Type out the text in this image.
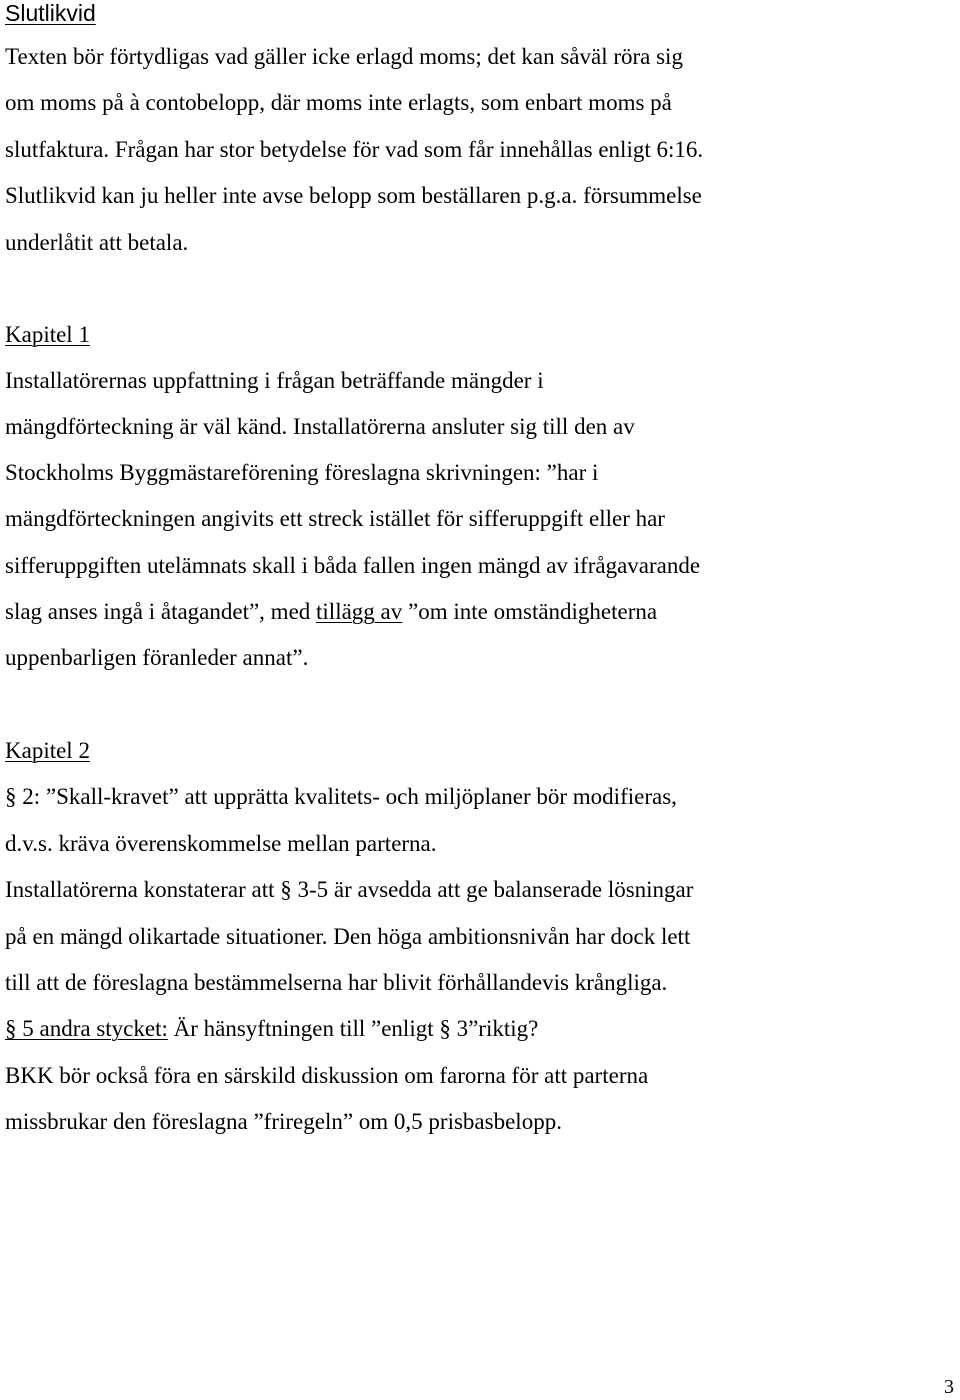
Slutlikvid
Texten bör förtydligas vad gäller icke erlagd moms; det kan såväl röra sig
om moms på à contobelopp, där moms inte erlagts, som enbart moms på
slutfaktura. Frågan har stor betydelse för vad som får innehållas enligt 6:16.
Slutlikvid kan ju heller inte avse belopp som beställaren p.g.a. försummelse
underlåtit att betala.
Kapitel 1
Installatörernas uppfattning i frågan beträffande mängder i
mängdförteckning är väl känd. Installatörerna ansluter sig till den av
Stockholms Byggmästareförening föreslagna skrivningen: ”har i
mängdförteckningen angivits ett streck istället för sifferuppgift eller har
sifferuppgiften utelämnats skall i båda fallen ingen mängd av ifrågavarande
slag anses ingå i åtagandet”, med tillägg av ”om inte omständigheterna
uppenbarligen föranleder annat”.
Kapitel 2
§ 2: ”Skall-kravet” att upprätta kvalitets- och miljöplaner bör modifieras,
d.v.s. kräva överenskommelse mellan parterna.
Installatörerna konstaterar att § 3-5 är avsedda att ge balanserade lösningar
på en mängd olikartade situationer. Den höga ambitionsnivån har dock lett
till att de föreslagna bestämmelserna har blivit förhållandevis krångliga.
§ 5 andra stycket: Är hänsyftningen till ”enligt § 3”riktig?
BKK bör också föra en särskild diskussion om farorna för att parterna
missbrukar den föreslagna ”friregeln” om 0,5 prisbasbelopp.
3
